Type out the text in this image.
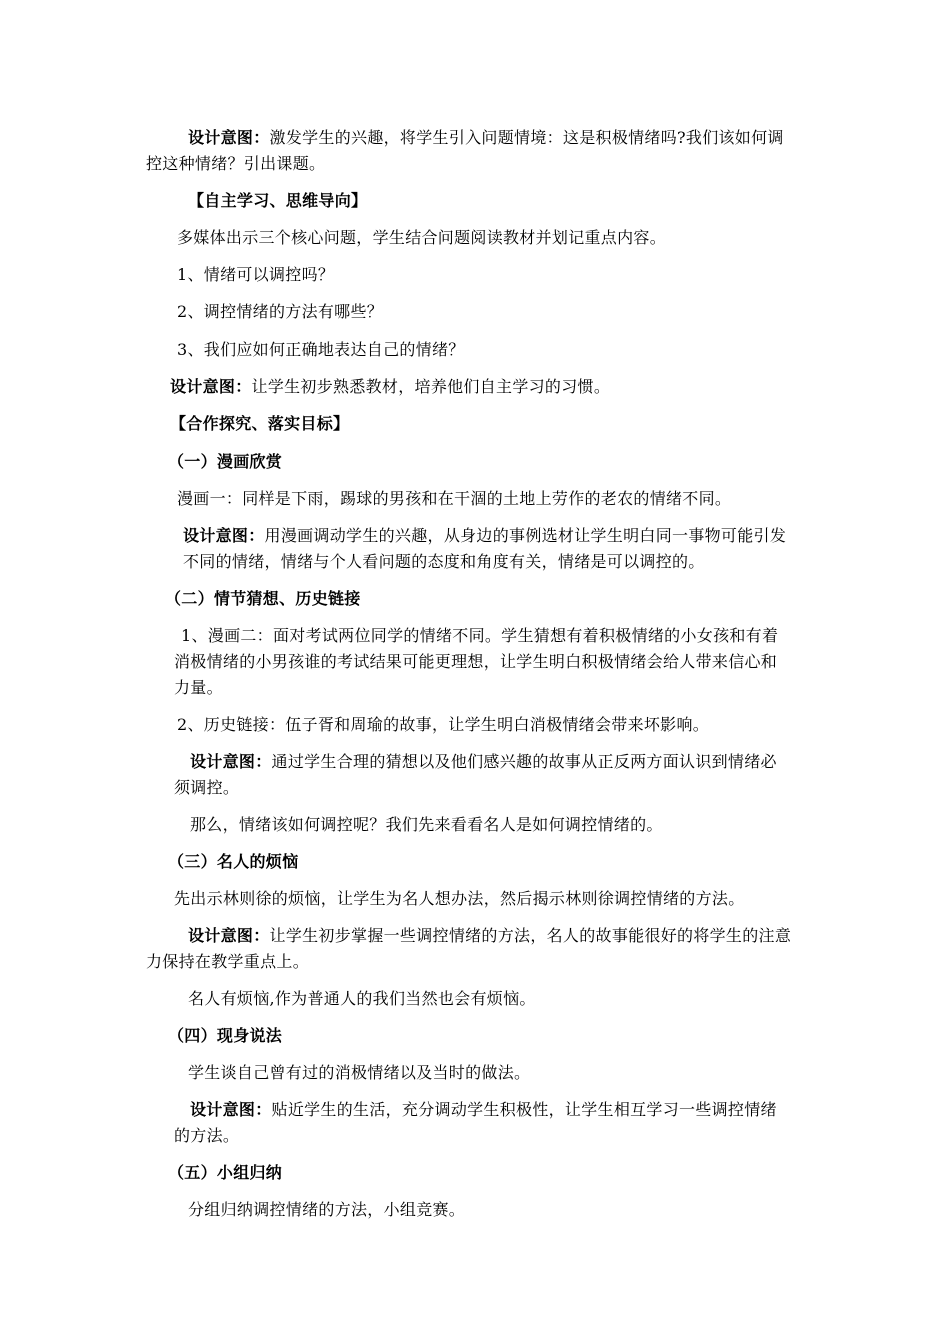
设计意图：激发学生的兴趣，将学生引入问题情境：这是积极情绪吗?我们该如何调
控这种情绪？引出课题。
【自主学习、思维导向】
多媒体出示三个核心问题，学生结合问题阅读教材并划记重点内容。
1、情绪可以调控吗？
2、调控情绪的方法有哪些？
3、我们应如何正确地表达自己的情绪？
设计意图：让学生初步熟悉教材，培养他们自主学习的习惯。
【合作探究、落实目标】
（一）漫画欣赏
漫画一：同样是下雨，踢球的男孩和在干涸的土地上劳作的老农的情绪不同。
设计意图：用漫画调动学生的兴趣，从身边的事例选材让学生明白同一事物可能引发
不同的情绪，情绪与个人看问题的态度和角度有关，情绪是可以调控的。
（二）情节猜想、历史链接
1、漫画二：面对考试两位同学的情绪不同。学生猜想有着积极情绪的小女孩和有着
消极情绪的小男孩谁的考试结果可能更理想，让学生明白积极情绪会给人带来信心和
力量。
2、历史链接：伍子胥和周瑜的故事，让学生明白消极情绪会带来坏影响。
设计意图：通过学生合理的猜想以及他们感兴趣的故事从正反两方面认识到情绪必
须调控。
那么，情绪该如何调控呢？我们先来看看名人是如何调控情绪的。
（三）名人的烦恼
先出示林则徐的烦恼，让学生为名人想办法，然后揭示林则徐调控情绪的方法。
设计意图：让学生初步掌握一些调控情绪的方法，名人的故事能很好的将学生的注意
力保持在教学重点上。
名人有烦恼,作为普通人的我们当然也会有烦恼。
（四）现身说法
学生谈自己曾有过的消极情绪以及当时的做法。
设计意图：贴近学生的生活，充分调动学生积极性，让学生相互学习一些调控情绪
的方法。
（五）小组归纳
分组归纳调控情绪的方法，小组竞赛。
